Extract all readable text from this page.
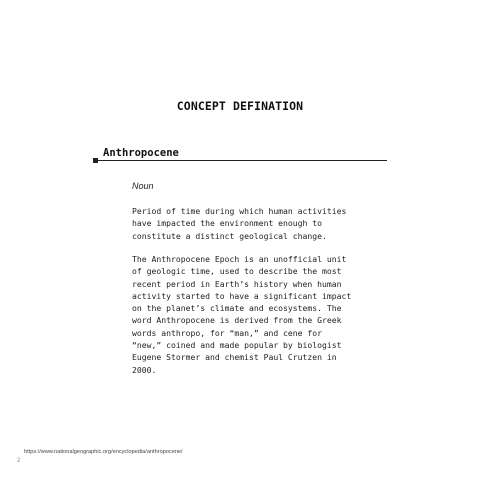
CONCEPT DEFINATION
Anthropocene
Noun
Period of time during which human activities
have impacted the environment enough to
constitute a distinct geological change.
The Anthropocene Epoch is an unofficial unit
of geologic time, used to describe the most
recent period in Earth’s history when human
activity started to have a significant impact
on the planet’s climate and ecosystems. The
word Anthropocene is derived from the Greek
words anthropo, for “man,” and cene for
“new,” coined and made popular by biologist
Eugene Stormer and chemist Paul Crutzen in
2000.
https://www.nationalgeographic.org/encyclopedia/anthropocene/
2
